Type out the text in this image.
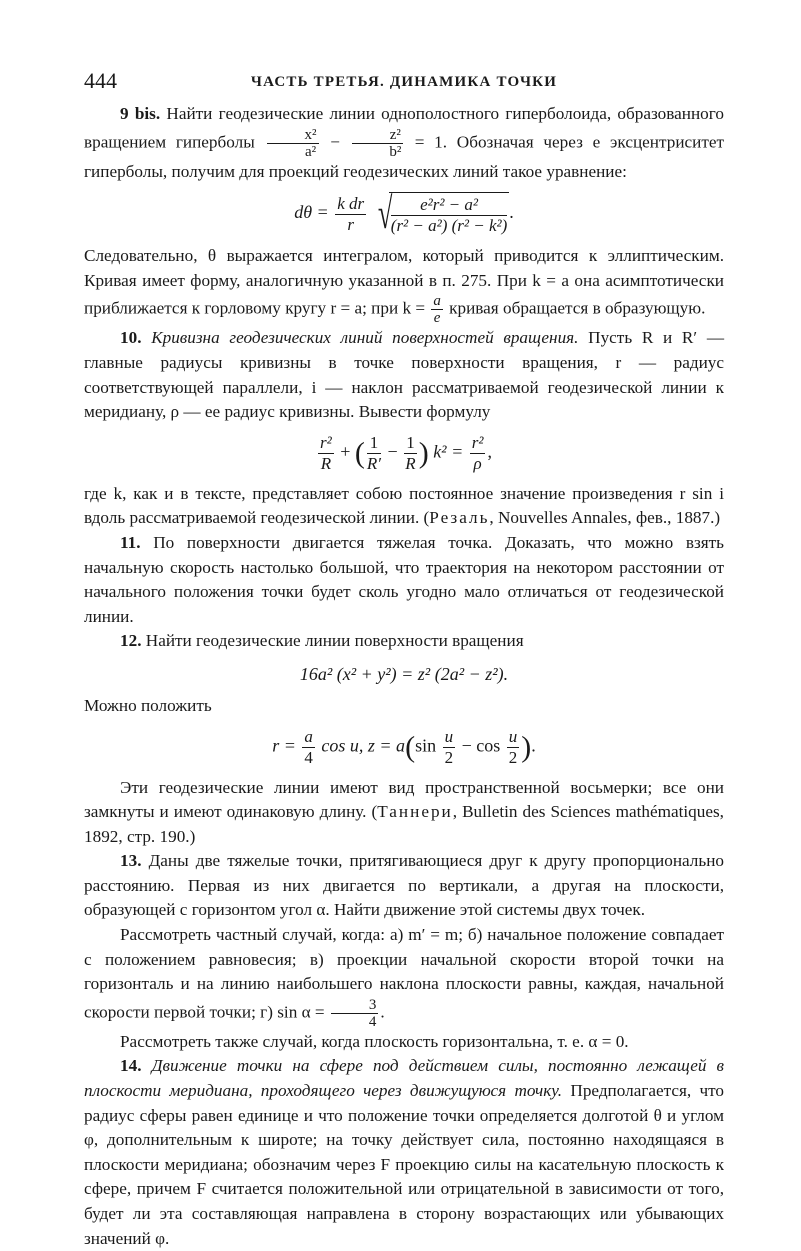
444	ЧАСТЬ ТРЕТЬЯ. ДИНАМИКА ТОЧКИ

9 bis. Найти геодезические линии однополостного гиперболоида, образованного вращением гиперболы $\frac{\text{x²}}{\text{a²}} - \frac{\text{z²}}{\text{b²}} = 1$. Обозначая через e эксцентриситет гиперболы, получим для проекций геодезических линий такое уравнение:

$d\theta = \frac{\text{k dr}}{r}$ √
$\frac{\text{e²r² − a²}}{\text{(r² − a²) (r² − k²)}}$ .

Следовательно, θ выражается интегралом, который приводится к эллиптическим. Кривая имеет форму, аналогичную указанной в п. 275. При k = a она асимптотически приближается к горловому кругу r = a; при $k = \frac{a}{e}$ кривая обращается в образующую.

10. Кривизна геодезических линий поверхностей вращения. Пусть R и R′ — главные радиусы кривизны в точке поверхности вращения, r — радиус соответствующей параллели, i — наклон рассматриваемой геодезической линии к меридиану, ρ — ее радиус кривизны. Вывести формулу

$\frac{\text{r²}}{R}$ + ( $\frac{1}{R'} - \frac{1}{R}$ ) $k^2 = \frac{\text{r²}}{\rho}$ ,

где k, как и в тексте, представляет собою постоянное значение произведения r sin i вдоль рассматриваемой геодезической линии. (Резаль, Nouvelles Annales, фев., 1887.)

11. По поверхности двигается тяжелая точка. Доказать, что можно взять начальную скорость настолько большой, что траектория на некотором расстоянии от начального положения точки будет сколь угодно мало отличаться от геодезической линии.

12. Найти геодезические линии поверхности вращения

16a² (x² + y²) = z² (2a² − z²).

Можно положить

$r = \frac{a}{4}$ cos u, $z = a(\sin \frac{u}{2} - \cos \frac{u}{2}$ ).

Эти геодезические линии имеют вид пространственной восьмерки; все они замкнуты и имеют одинаковую длину. (Таннери, Bulletin des Sciences mathématiques, 1892, стр. 190.)

13. Даны две тяжелые точки, притягивающиеся друг к другу пропорционально расстоянию. Первая из них двигается по вертикали, а другая на плоскости, образующей с горизонтом угол α. Найти движение этой системы двух точек.

Рассмотреть частный случай, когда: а) m′ = m; б) начальное положение совпадает с положением равновесия; в) проекции начальной скорости второй точки на горизонталь и на линию наибольшего наклона плоскости равны, каждая, начальной скорости первой точки; г) $\sin \alpha = \frac{3}{4}$ .

Рассмотреть также случай, когда плоскость горизонтальна, т. е. α = 0.

14. Движение точки на сфере под действием силы, постоянно лежащей в плоскости меридиана, проходящего через движущуюся точку. Предполагается, что радиус сферы равен единице и что положение точки определяется долготой θ и углом φ, дополнительным к широте; на точку действует сила, постоянно находящаяся в плоскости меридиана; обозначим через F проекцию силы на касательную плоскость к сфере, причем F считается положительной или отрицательной в зависимости от того, будет ли эта составляющая направлена в сторону возрастающих или убывающих значений φ.
